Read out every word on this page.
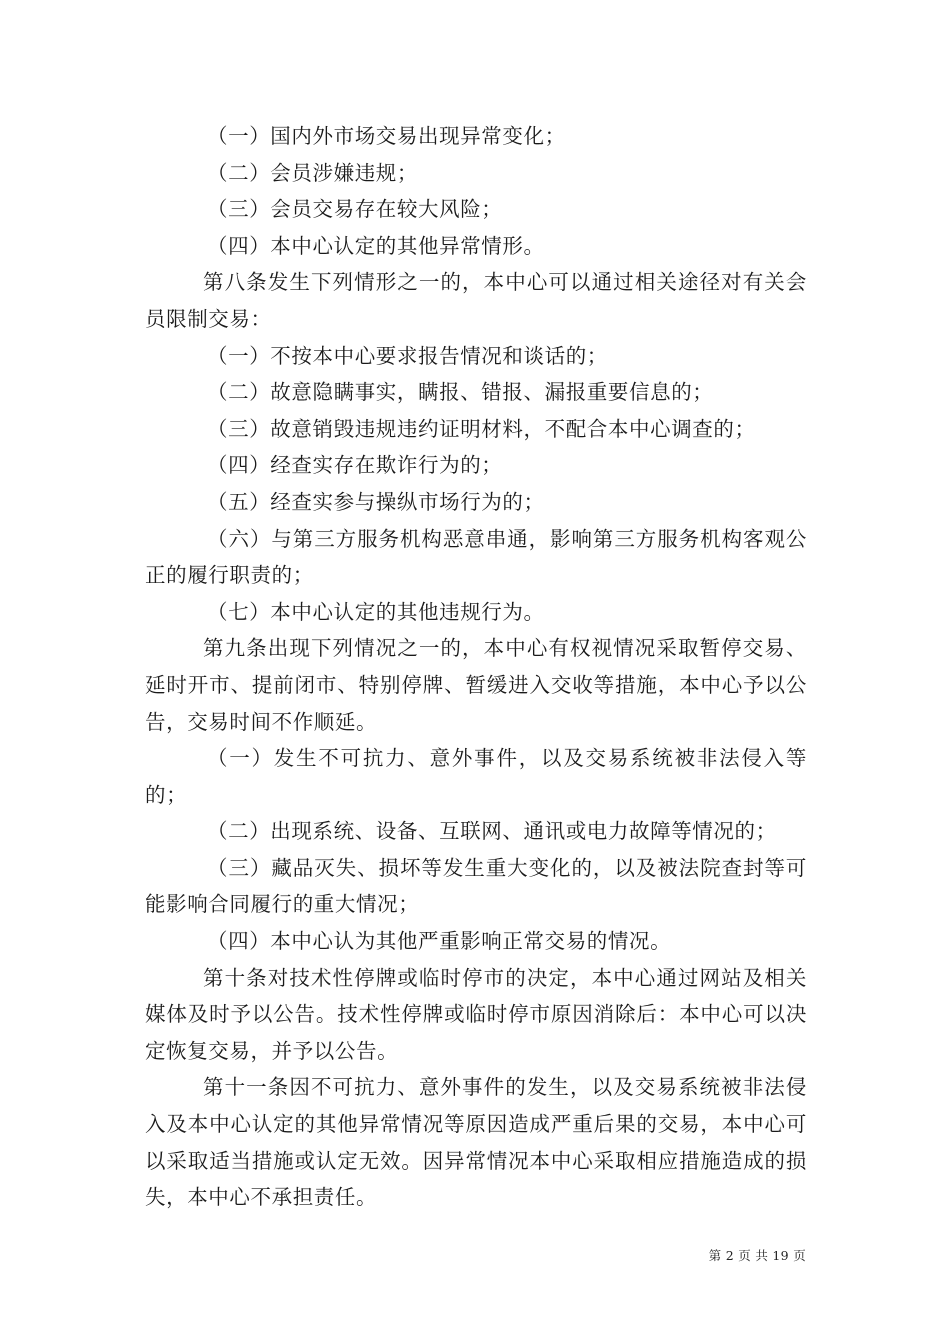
（一）国内外市场交易出现异常变化；

（二）会员涉嫌违规；

（三）会员交易存在较大风险；

（四）本中心认定的其他异常情形。

第八条发生下列情形之一的，本中心可以通过相关途径对有关会员限制交易：

（一）不按本中心要求报告情况和谈话的；

（二）故意隐瞒事实，瞒报、错报、漏报重要信息的；

（三）故意销毁违规违约证明材料，不配合本中心调查的；

（四）经查实存在欺诈行为的；

（五）经查实参与操纵市场行为的；

（六）与第三方服务机构恶意串通，影响第三方服务机构客观公正的履行职责的；

（七）本中心认定的其他违规行为。

第九条出现下列情况之一的，本中心有权视情况采取暂停交易、延时开市、提前闭市、特别停牌、暂缓进入交收等措施，本中心予以公告，交易时间不作顺延。

（一）发生不可抗力、意外事件，以及交易系统被非法侵入等的；

（二）出现系统、设备、互联网、通讯或电力故障等情况的；

（三）藏品灭失、损坏等发生重大变化的，以及被法院查封等可能影响合同履行的重大情况；

（四）本中心认为其他严重影响正常交易的情况。

第十条对技术性停牌或临时停市的决定，本中心通过网站及相关媒体及时予以公告。技术性停牌或临时停市原因消除后：本中心可以决定恢复交易，并予以公告。

第十一条因不可抗力、意外事件的发生，以及交易系统被非法侵入及本中心认定的其他异常情况等原因造成严重后果的交易，本中心可以采取适当措施或认定无效。因异常情况本中心采取相应措施造成的损失，本中心不承担责任。

第 2 页 共 19 页
